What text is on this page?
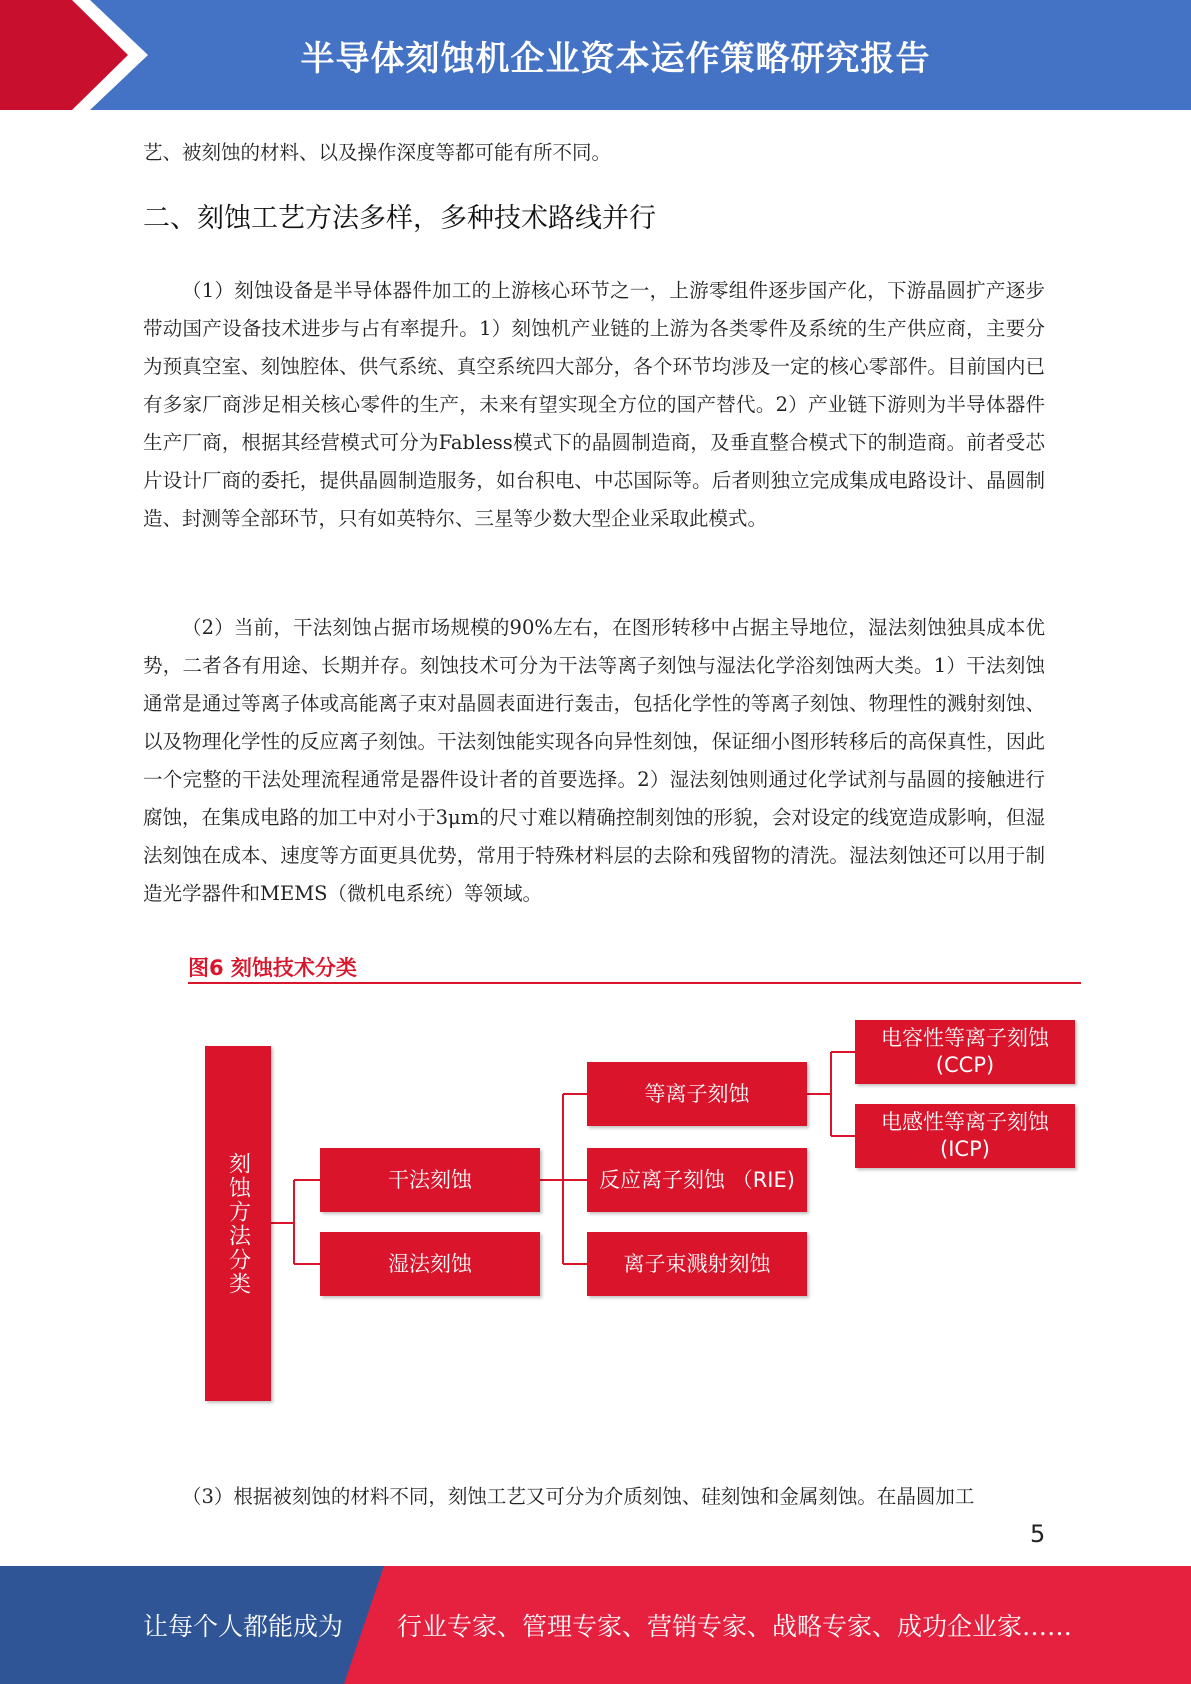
半导体刻蚀机企业资本运作策略研究报告

艺、被刻蚀的材料、以及操作深度等都可能有所不同。

二、刻蚀工艺方法多样，多种技术路线并行

（1）刻蚀设备是半导体器件加工的上游核心环节之一，上游零组件逐步国产化，下游晶圆扩产逐步带动国产设备技术进步与占有率提升。1）刻蚀机产业链的上游为各类零件及系统的生产供应商，主要分为预真空室、刻蚀腔体、供气系统、真空系统四大部分，各个环节均涉及一定的核心零部件。目前国内已有多家厂商涉足相关核心零件的生产，未来有望实现全方位的国产替代。2）产业链下游则为半导体器件生产厂商，根据其经营模式可分为Fabless模式下的晶圆制造商，及垂直整合模式下的制造商。前者受芯片设计厂商的委托，提供晶圆制造服务，如台积电、中芯国际等。后者则独立完成集成电路设计、晶圆制造、封测等全部环节，只有如英特尔、三星等少数大型企业采取此模式。

（2）当前，干法刻蚀占据市场规模的90%左右，在图形转移中占据主导地位，湿法刻蚀独具成本优势，二者各有用途、长期并存。刻蚀技术可分为干法等离子刻蚀与湿法化学浴刻蚀两大类。1）干法刻蚀通常是通过等离子体或高能离子束对晶圆表面进行轰击，包括化学性的等离子刻蚀、物理性的溅射刻蚀、以及物理化学性的反应离子刻蚀。干法刻蚀能实现各向异性刻蚀，保证细小图形转移后的高保真性，因此一个完整的干法处理流程通常是器件设计者的首要选择。2）湿法刻蚀则通过化学试剂与晶圆的接触进行腐蚀，在集成电路的加工中对小于3μm的尺寸难以精确控制刻蚀的形貌，会对设定的线宽造成影响，但湿法刻蚀在成本、速度等方面更具优势，常用于特殊材料层的去除和残留物的清洗。湿法刻蚀还可以用于制造光学器件和MEMS（微机电系统）等领域。

图6 刻蚀技术分类
刻蚀方法分类	干法刻蚀
湿法刻蚀
等离子刻蚀
反应离子刻蚀 （RIE)
离子束溅射刻蚀
电容性等离子刻蚀
(CCP)
电感性等离子刻蚀
(ICP)

（3）根据被刻蚀的材料不同，刻蚀工艺又可分为介质刻蚀、硅刻蚀和金属刻蚀。在晶圆加工

5
让每个人都能成为 行业专家、管理专家、营销专家、战略专家、成功企业家……
